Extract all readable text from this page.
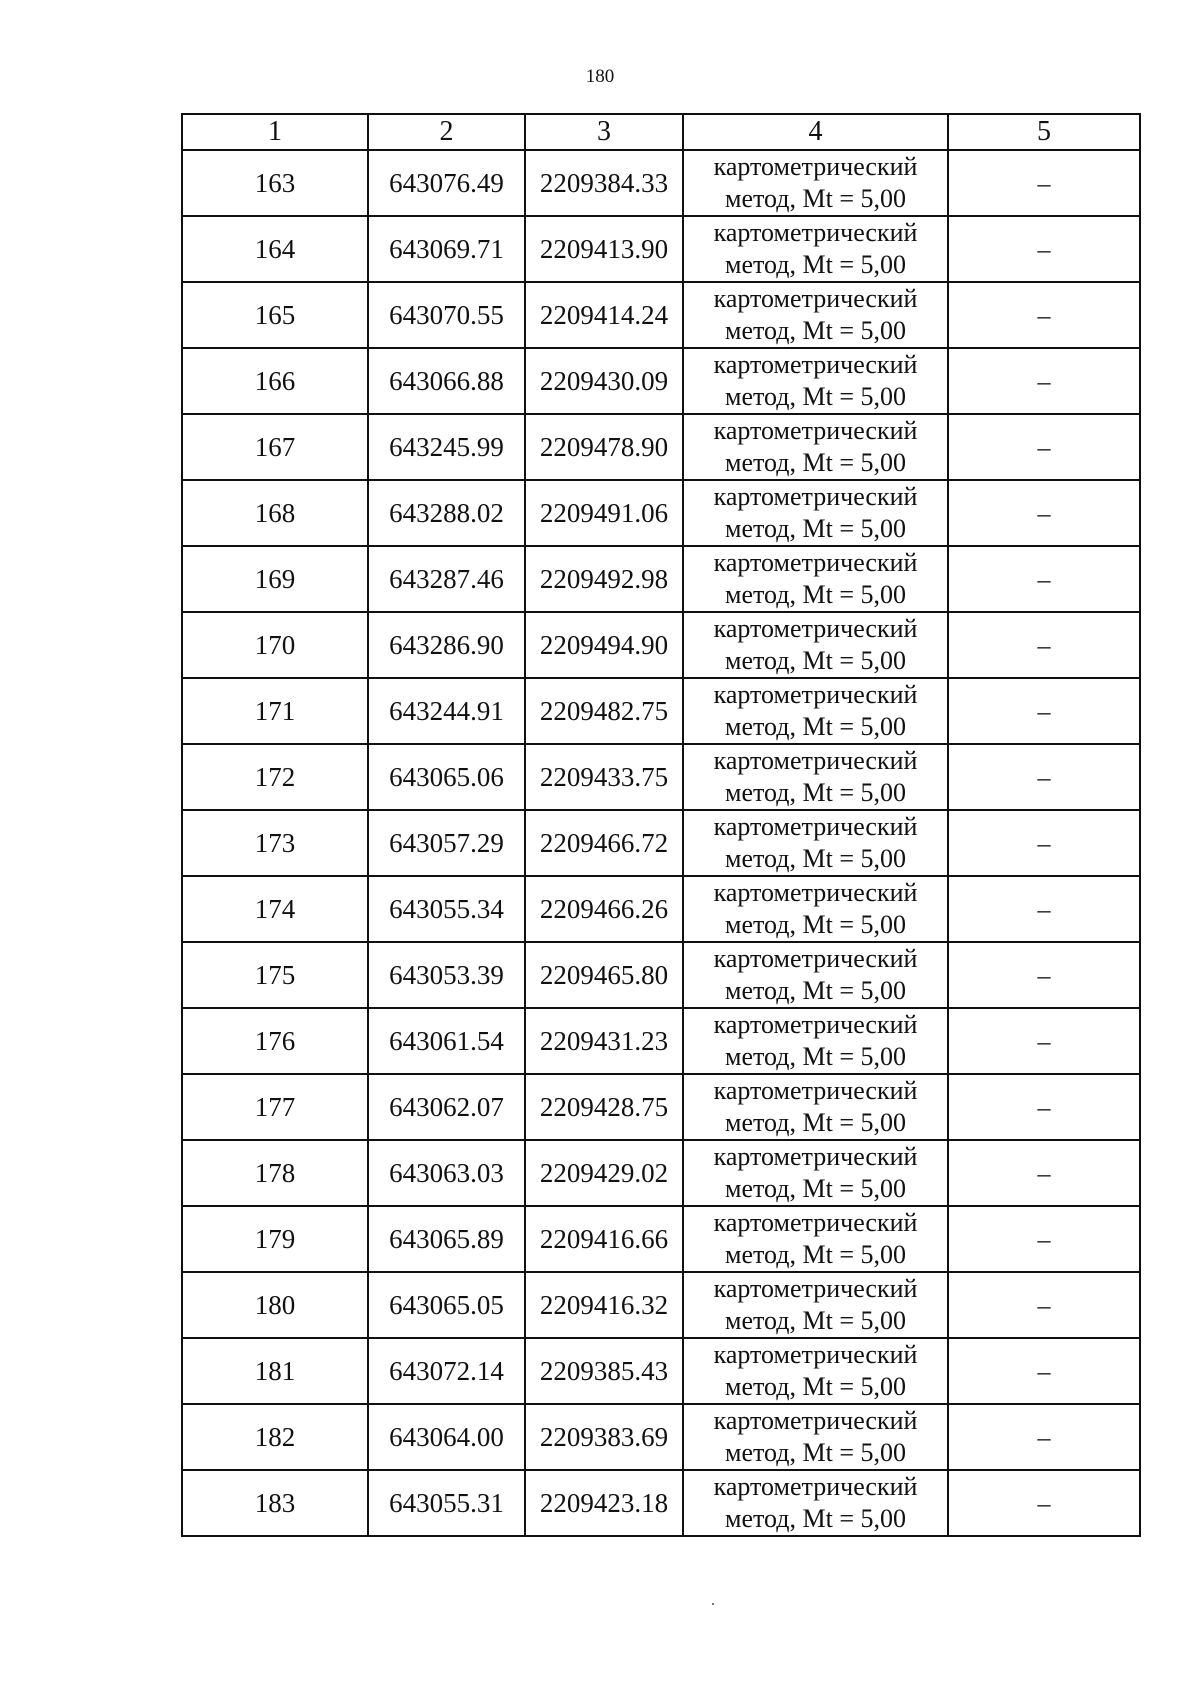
180
1	2	3	4	5
163	643076.49	2209384.33	картометрический
метод, Mt = 5,00	–
164	643069.71	2209413.90	картометрический
метод, Mt = 5,00	–
165	643070.55	2209414.24	картометрический
метод, Mt = 5,00	–
166	643066.88	2209430.09	картометрический
метод, Mt = 5,00	–
167	643245.99	2209478.90	картометрический
метод, Mt = 5,00	–
168	643288.02	2209491.06	картометрический
метод, Mt = 5,00	–
169	643287.46	2209492.98	картометрический
метод, Mt = 5,00	–
170	643286.90	2209494.90	картометрический
метод, Mt = 5,00	–
171	643244.91	2209482.75	картометрический
метод, Mt = 5,00	–
172	643065.06	2209433.75	картометрический
метод, Mt = 5,00	–
173	643057.29	2209466.72	картометрический
метод, Mt = 5,00	–
174	643055.34	2209466.26	картометрический
метод, Mt = 5,00	–
175	643053.39	2209465.80	картометрический
метод, Mt = 5,00	–
176	643061.54	2209431.23	картометрический
метод, Mt = 5,00	–
177	643062.07	2209428.75	картометрический
метод, Mt = 5,00	–
178	643063.03	2209429.02	картометрический
метод, Mt = 5,00	–
179	643065.89	2209416.66	картометрический
метод, Mt = 5,00	–
180	643065.05	2209416.32	картометрический
метод, Mt = 5,00	–
181	643072.14	2209385.43	картометрический
метод, Mt = 5,00	–
182	643064.00	2209383.69	картометрический
метод, Mt = 5,00	–
183	643055.31	2209423.18	картометрический
метод, Mt = 5,00	–
